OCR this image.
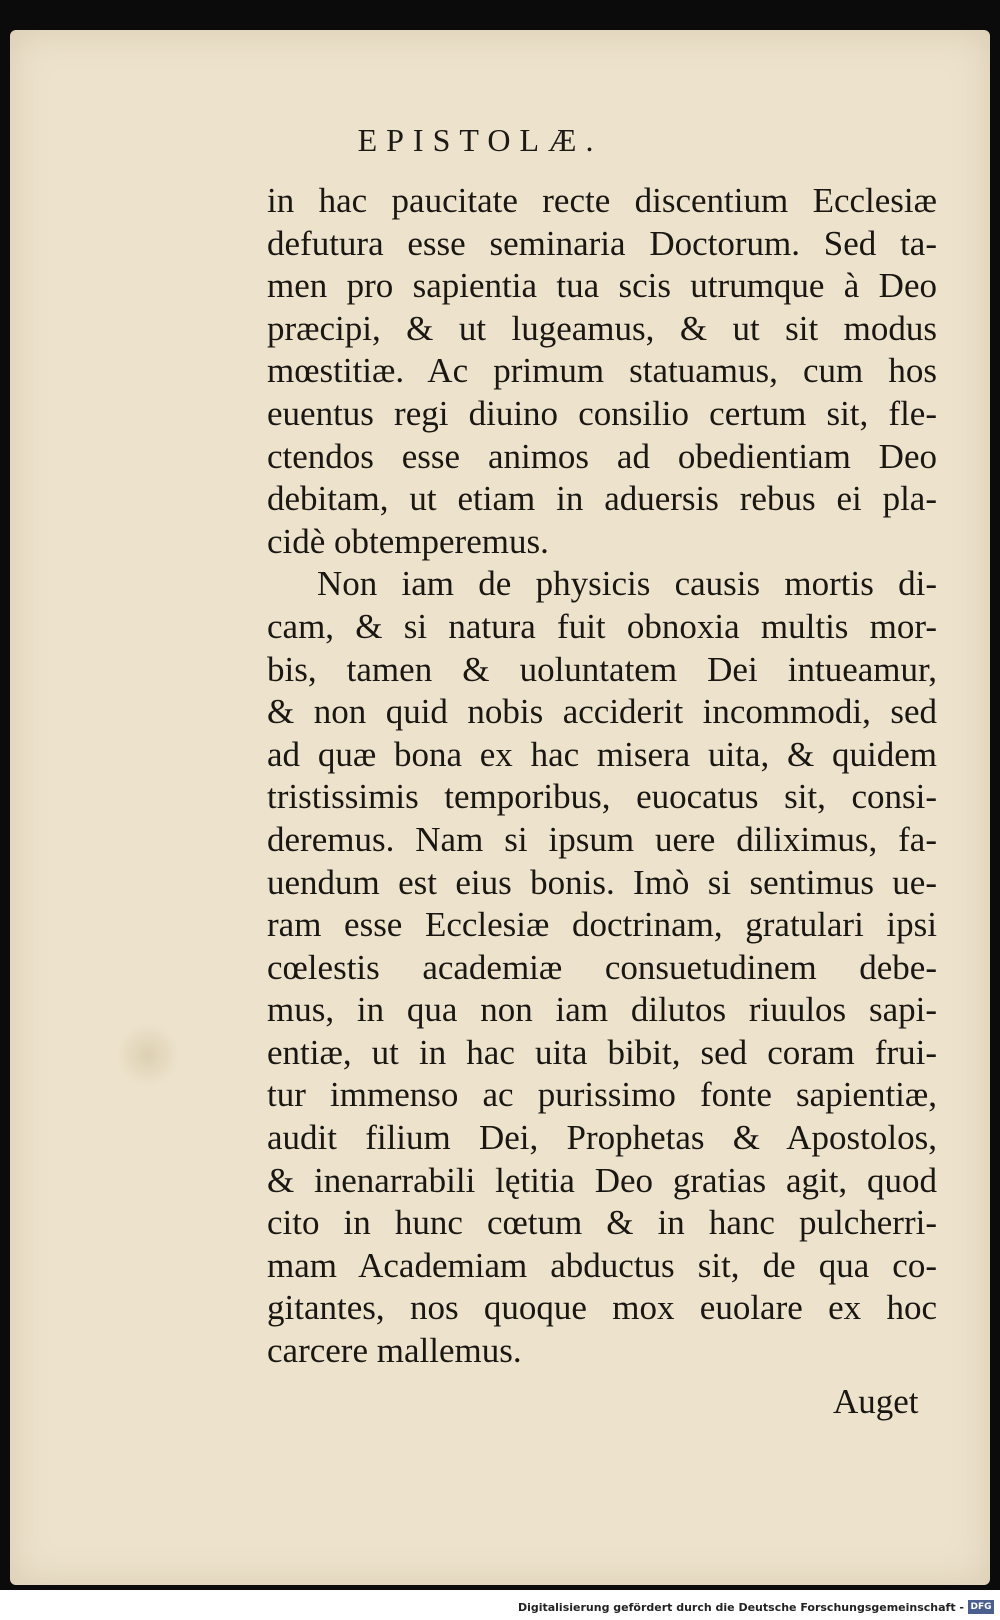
EPISTOLÆ.
in hac paucitate recte discentium Ecclesiæ
defutura esse seminaria Doctorum. Sed ta-
men pro sapientia tua scis utrumque à Deo
præcipi, & ut lugeamus, & ut sit modus
mœstitiæ. Ac primum statuamus, cum hos
euentus regi diuino consilio certum sit, fle-
ctendos esse animos ad obedientiam Deo
debitam, ut etiam in aduersis rebus ei pla-
cidè obtemperemus.
Non iam de physicis causis mortis di-
cam, & si natura fuit obnoxia multis mor-
bis, tamen & uoluntatem Dei intueamur,
& non quid nobis acciderit incommodi, sed
ad quæ bona ex hac misera uita, & quidem
tristissimis temporibus, euocatus sit, consi-
deremus. Nam si ipsum uere diliximus, fa-
uendum est eius bonis. Imò si sentimus ue-
ram esse Ecclesiæ doctrinam, gratulari ipsi
cœlestis academiæ consuetudinem debe-
mus, in qua non iam dilutos riuulos sapi-
entiæ, ut in hac uita bibit, sed coram frui-
tur immenso ac purissimo fonte sapientiæ,
audit filium Dei, Prophetas & Apostolos,
& inenarrabili lętitia Deo gratias agit, quod
cito in hunc cœtum & in hanc pulcherri-
mam Academiam abductus sit, de qua co-
gitantes, nos quoque mox euolare ex hoc
carcere mallemus.
Auget
Digitalisierung gefördert durch die Deutsche Forschungsgemeinschaft - DFG
